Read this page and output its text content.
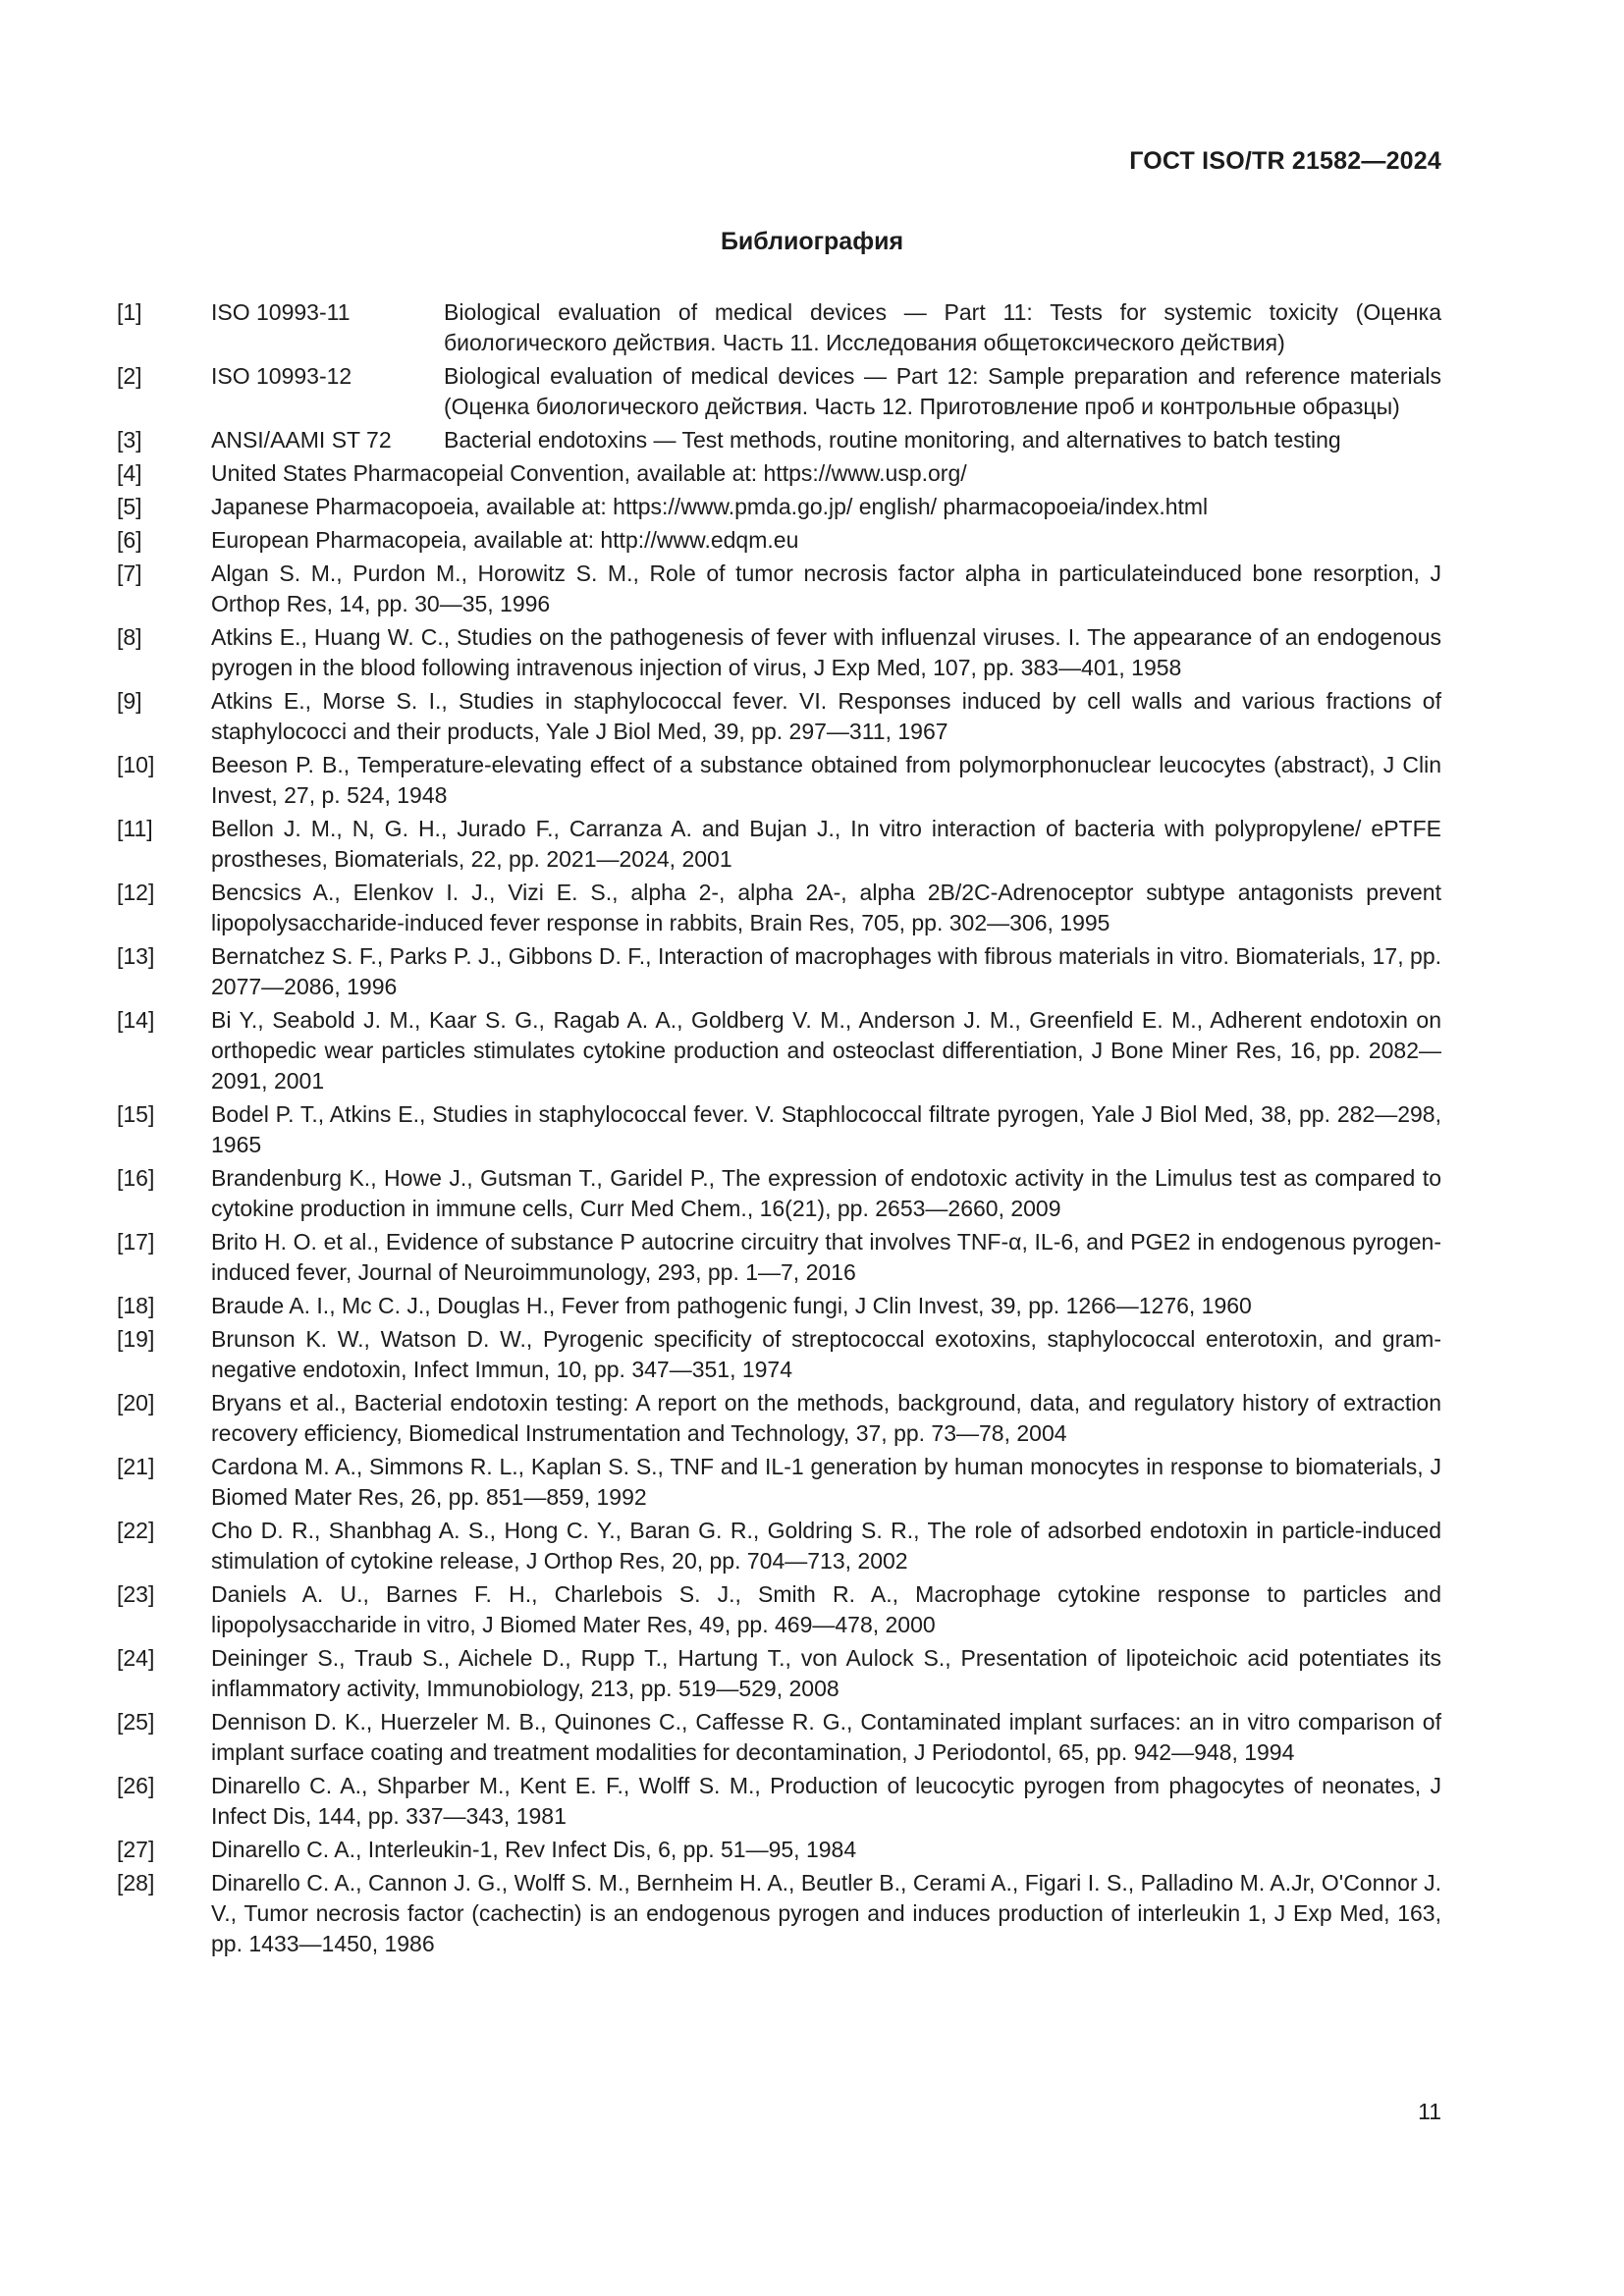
ГОСТ ISO/TR 21582—2024
Библиография
[1]	ISO 10993-11	Biological evaluation of medical devices — Part 11: Tests for systemic toxicity (Оценка биологического действия. Часть 11. Исследования общетоксического действия)
[2]	ISO 10993-12	Biological evaluation of medical devices — Part 12: Sample preparation and reference materials (Оценка биологического действия. Часть 12. Приготовление проб и контрольные образцы)
[3]	ANSI/AAMI ST 72	Bacterial endotoxins — Test methods, routine monitoring, and alternatives to batch testing
[4]	United States Pharmacopeial Convention, available at: https://www.usp.org/
[5]	Japanese Pharmacopoeia, available at: https://www.pmda.go.jp/ english/ pharmacopoeia/index.html
[6]	European Pharmacopeia, available at: http://www.edqm.eu
[7]	Algan S. M., Purdon M., Horowitz S. M., Role of tumor necrosis factor alpha in particulateinduced bone resorption, J Orthop Res, 14, pp. 30—35, 1996
[8]	Atkins E., Huang W. C., Studies on the pathogenesis of fever with influenzal viruses. I. The appearance of an endogenous pyrogen in the blood following intravenous injection of virus, J Exp Med, 107, pp. 383—401, 1958
[9]	Atkins E., Morse S. I., Studies in staphylococcal fever. VI. Responses induced by cell walls and various fractions of staphylococci and their products, Yale J Biol Med, 39, pp. 297—311, 1967
[10]	Beeson P. B., Temperature-elevating effect of a substance obtained from polymorphonuclear leucocytes (abstract), J Clin Invest, 27, p. 524, 1948
[11]	Bellon J. M., N, G. H., Jurado F., Carranza A. and Bujan J., In vitro interaction of bacteria with polypropylene/ ePTFE prostheses, Biomaterials, 22, pp. 2021—2024, 2001
[12]	Bencsics A., Elenkov I. J., Vizi E. S., alpha 2-, alpha 2A-, alpha 2B/2C-Adrenoceptor subtype antagonists prevent lipopolysaccharide-induced fever response in rabbits, Brain Res, 705, pp. 302—306, 1995
[13]	Bernatchez S. F., Parks P. J., Gibbons D. F., Interaction of macrophages with fibrous materials in vitro. Biomaterials, 17, pp. 2077—2086, 1996
[14]	Bi Y., Seabold J. M., Kaar S. G., Ragab A. A., Goldberg V. M., Anderson J. M., Greenfield E. M., Adherent endotoxin on orthopedic wear particles stimulates cytokine production and osteoclast differentiation, J Bone Miner Res, 16, pp. 2082—2091, 2001
[15]	Bodel P. T., Atkins E., Studies in staphylococcal fever. V. Staphlococcal filtrate pyrogen, Yale J Biol Med, 38, pp. 282—298, 1965
[16]	Brandenburg K., Howe J., Gutsman T., Garidel P., The expression of endotoxic activity in the Limulus test as compared to cytokine production in immune cells, Curr Med Chem., 16(21), pp. 2653—2660, 2009
[17]	Brito H. O. et al., Evidence of substance P autocrine circuitry that involves TNF-α, IL-6, and PGE2 in endogenous pyrogen-induced fever, Journal of Neuroimmunology, 293, pp. 1—7, 2016
[18]	Braude A. I., Mc C. J., Douglas H., Fever from pathogenic fungi, J Clin Invest, 39, pp. 1266—1276, 1960
[19]	Brunson K. W., Watson D. W., Pyrogenic specificity of streptococcal exotoxins, staphylococcal enterotoxin, and gram-negative endotoxin, Infect Immun, 10, pp. 347—351, 1974
[20]	Bryans et al., Bacterial endotoxin testing: A report on the methods, background, data, and regulatory history of extraction recovery efficiency, Biomedical Instrumentation and Technology, 37, pp. 73—78, 2004
[21]	Cardona M. A., Simmons R. L., Kaplan S. S., TNF and IL-1 generation by human monocytes in response to biomaterials, J Biomed Mater Res, 26, pp. 851—859, 1992
[22]	Cho D. R., Shanbhag A. S., Hong C. Y., Baran G. R., Goldring S. R., The role of adsorbed endotoxin in particle-induced stimulation of cytokine release, J Orthop Res, 20, pp. 704—713, 2002
[23]	Daniels A. U., Barnes F. H., Charlebois S. J., Smith R. A., Macrophage cytokine response to particles and lipopolysaccharide in vitro, J Biomed Mater Res, 49, pp. 469—478, 2000
[24]	Deininger S., Traub S., Aichele D., Rupp T., Hartung T., von Aulock S., Presentation of lipoteichoic acid potentiates its inflammatory activity, Immunobiology, 213, pp. 519—529, 2008
[25]	Dennison D. K., Huerzeler M. B., Quinones C., Caffesse R. G., Contaminated implant surfaces: an in vitro comparison of implant surface coating and treatment modalities for decontamination, J Periodontol, 65, pp. 942—948, 1994
[26]	Dinarello C. A., Shparber M., Kent E. F., Wolff S. M., Production of leucocytic pyrogen from phagocytes of neonates, J Infect Dis, 144, pp. 337—343, 1981
[27]	Dinarello C. A., Interleukin-1, Rev Infect Dis, 6, pp. 51—95, 1984
[28]	Dinarello C. A., Cannon J. G., Wolff S. M., Bernheim H. A., Beutler B., Cerami A., Figari I. S., Palladino M. A.Jr, O'Connor J. V., Tumor necrosis factor (cachectin) is an endogenous pyrogen and induces production of interleukin 1, J Exp Med, 163, pp. 1433—1450, 1986
11
